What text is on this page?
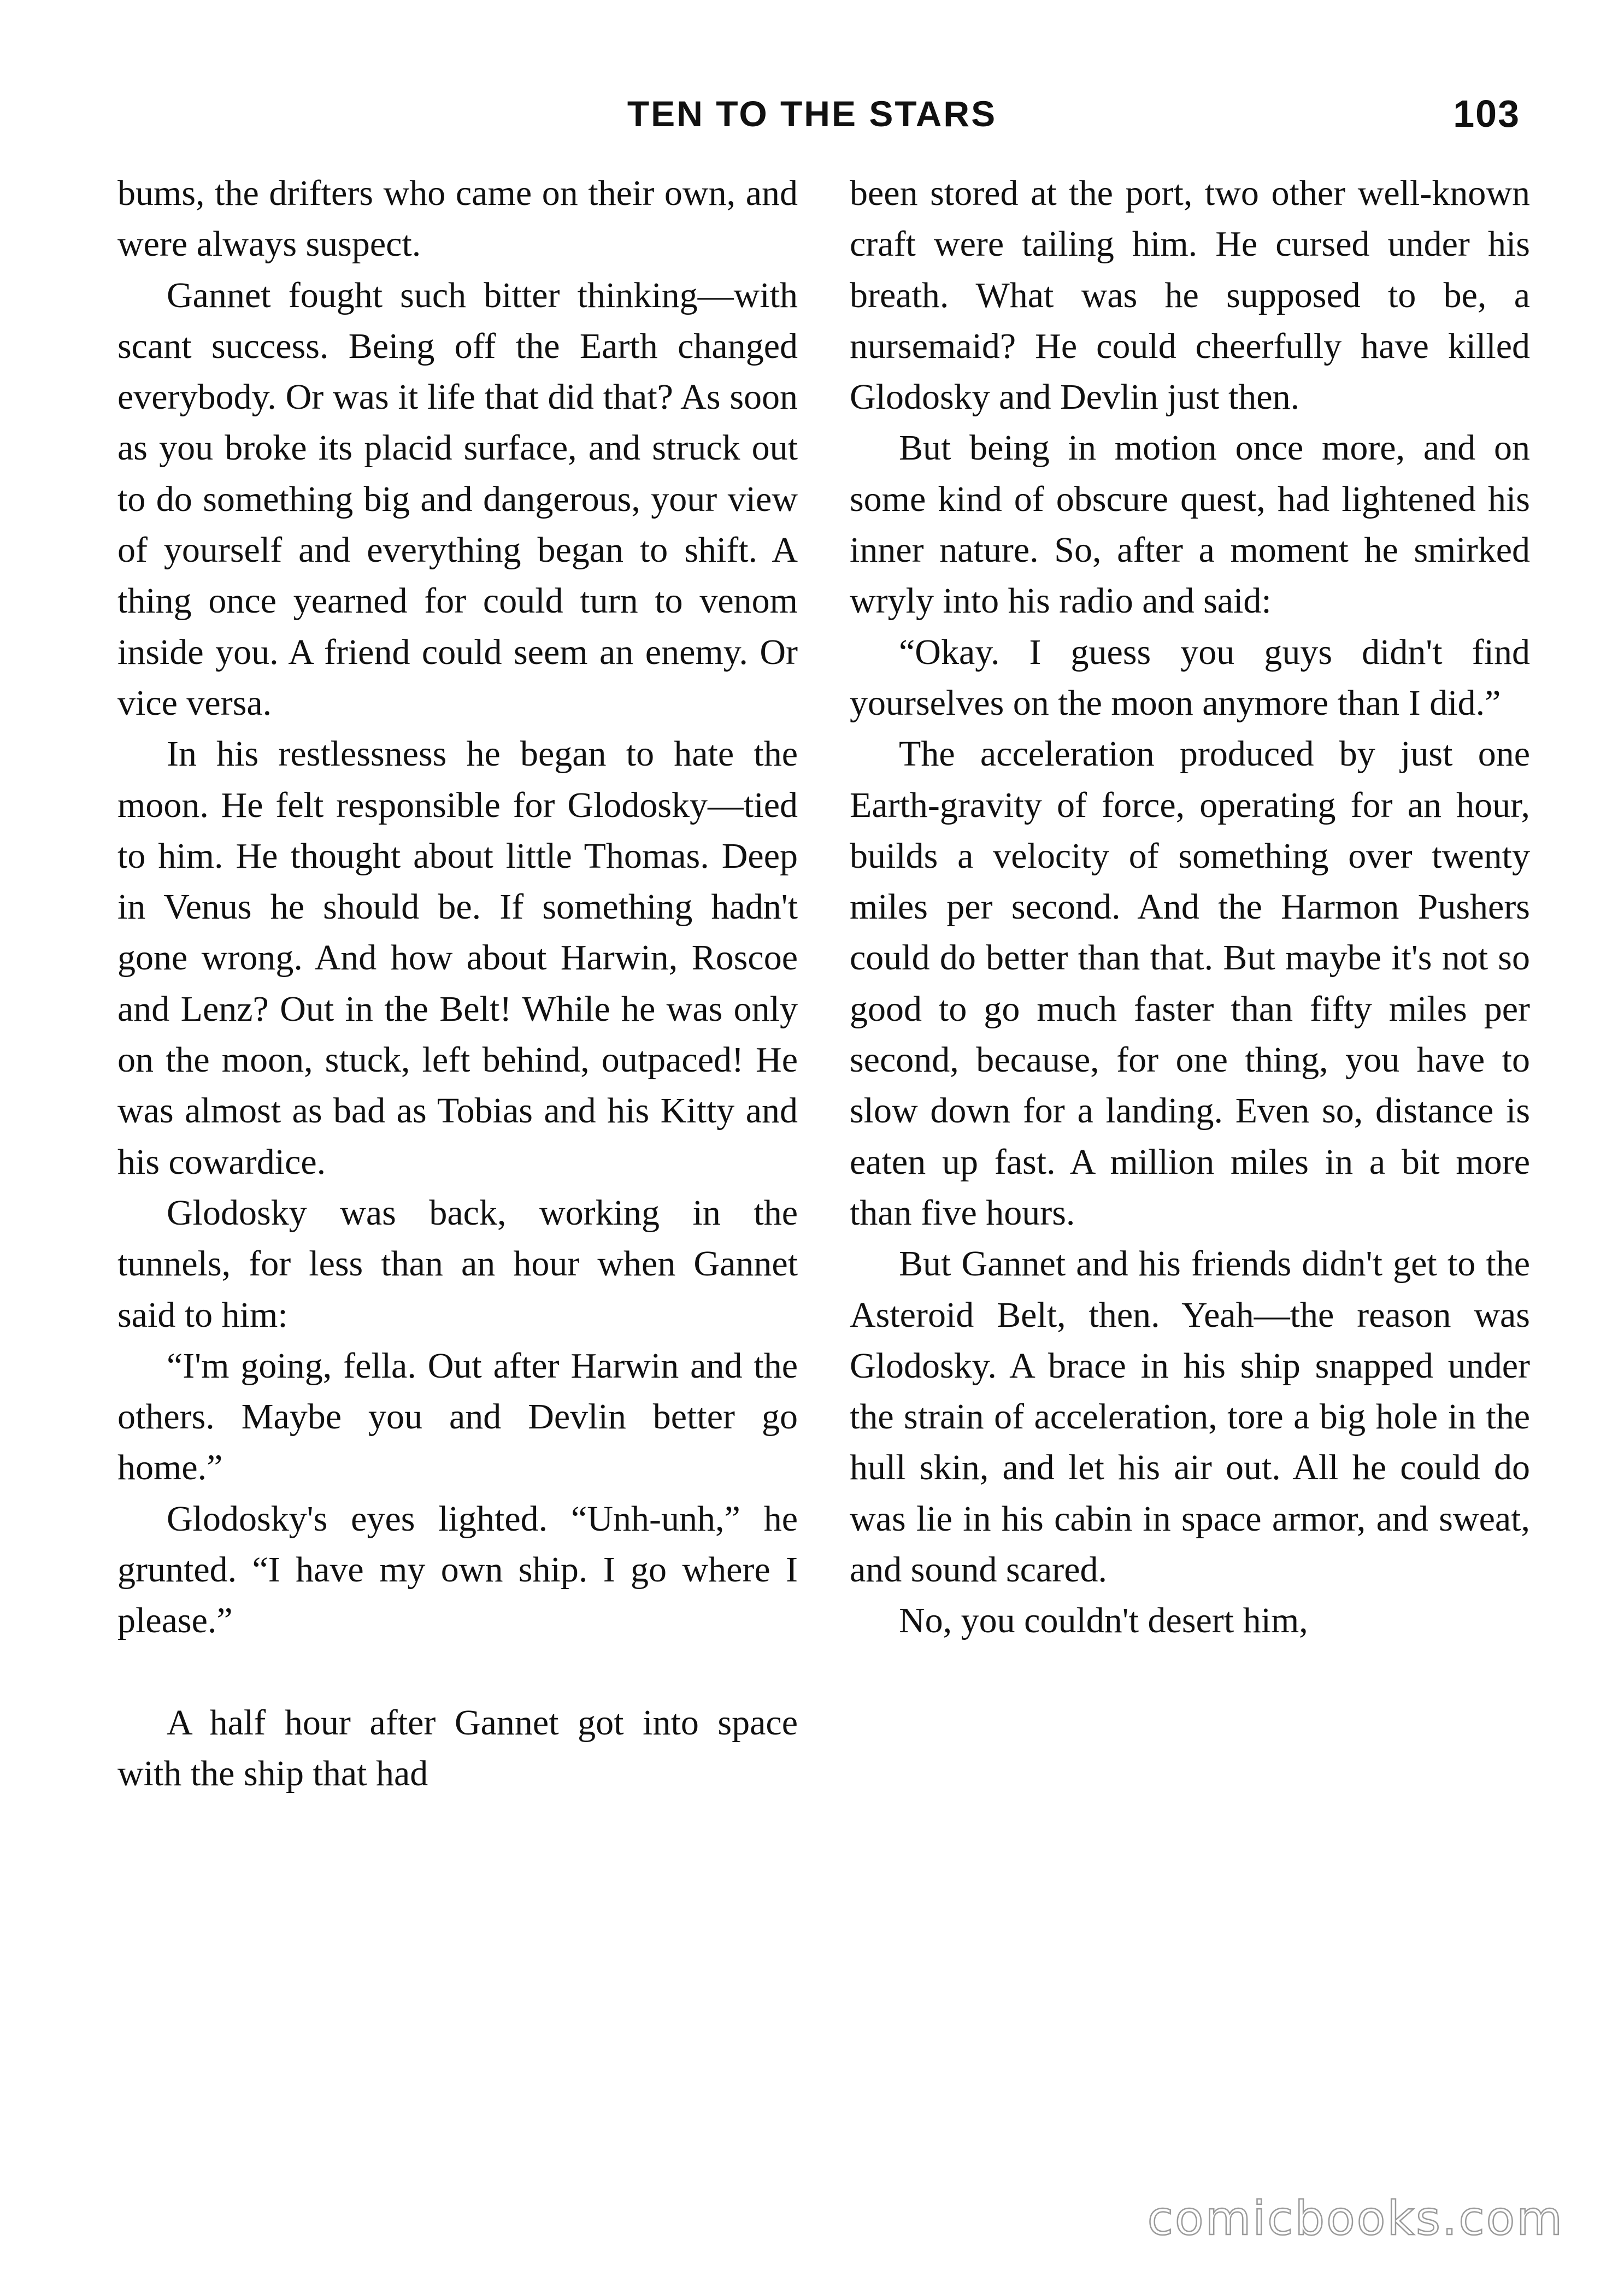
TEN TO THE STARS	103

bums, the drifters who came on their own, and were always suspect.

Gannet fought such bitter thinking—with scant success. Being off the Earth changed everybody. Or was it life that did that? As soon as you broke its placid surface, and struck out to do something big and dangerous, your view of yourself and everything began to shift. A thing once yearned for could turn to venom inside you. A friend could seem an enemy. Or vice versa.

In his restlessness he began to hate the moon. He felt responsible for Glodosky—tied to him. He thought about little Thomas. Deep in Venus he should be. If something hadn't gone wrong. And how about Harwin, Roscoe and Lenz? Out in the Belt! While he was only on the moon, stuck, left behind, outpaced! He was almost as bad as Tobias and his Kitty and his cowardice.

Glodosky was back, working in the tunnels, for less than an hour when Gannet said to him:

“I'm going, fella. Out after Harwin and the others. Maybe you and Devlin better go home.”

Glodosky's eyes lighted. “Unh-unh,” he grunted. “I have my own ship. I go where I please.”

A half hour after Gannet got into space with the ship that had

been stored at the port, two other well-known craft were tailing him. He cursed under his breath. What was he supposed to be, a nursemaid? He could cheerfully have killed Glodosky and Devlin just then.

But being in motion once more, and on some kind of obscure quest, had lightened his inner nature. So, after a moment he smirked wryly into his radio and said:

“Okay. I guess you guys didn't find yourselves on the moon anymore than I did.”

The acceleration produced by just one Earth-gravity of force, operating for an hour, builds a velocity of something over twenty miles per second. And the Harmon Pushers could do better than that. But maybe it's not so good to go much faster than fifty miles per second, because, for one thing, you have to slow down for a landing. Even so, distance is eaten up fast. A million miles in a bit more than five hours.

But Gannet and his friends didn't get to the Asteroid Belt, then. Yeah—the reason was Glodosky. A brace in his ship snapped under the strain of acceleration, tore a big hole in the hull skin, and let his air out. All he could do was lie in his cabin in space armor, and sweat, and sound scared.

No, you couldn't desert him,

comicbooks.com
